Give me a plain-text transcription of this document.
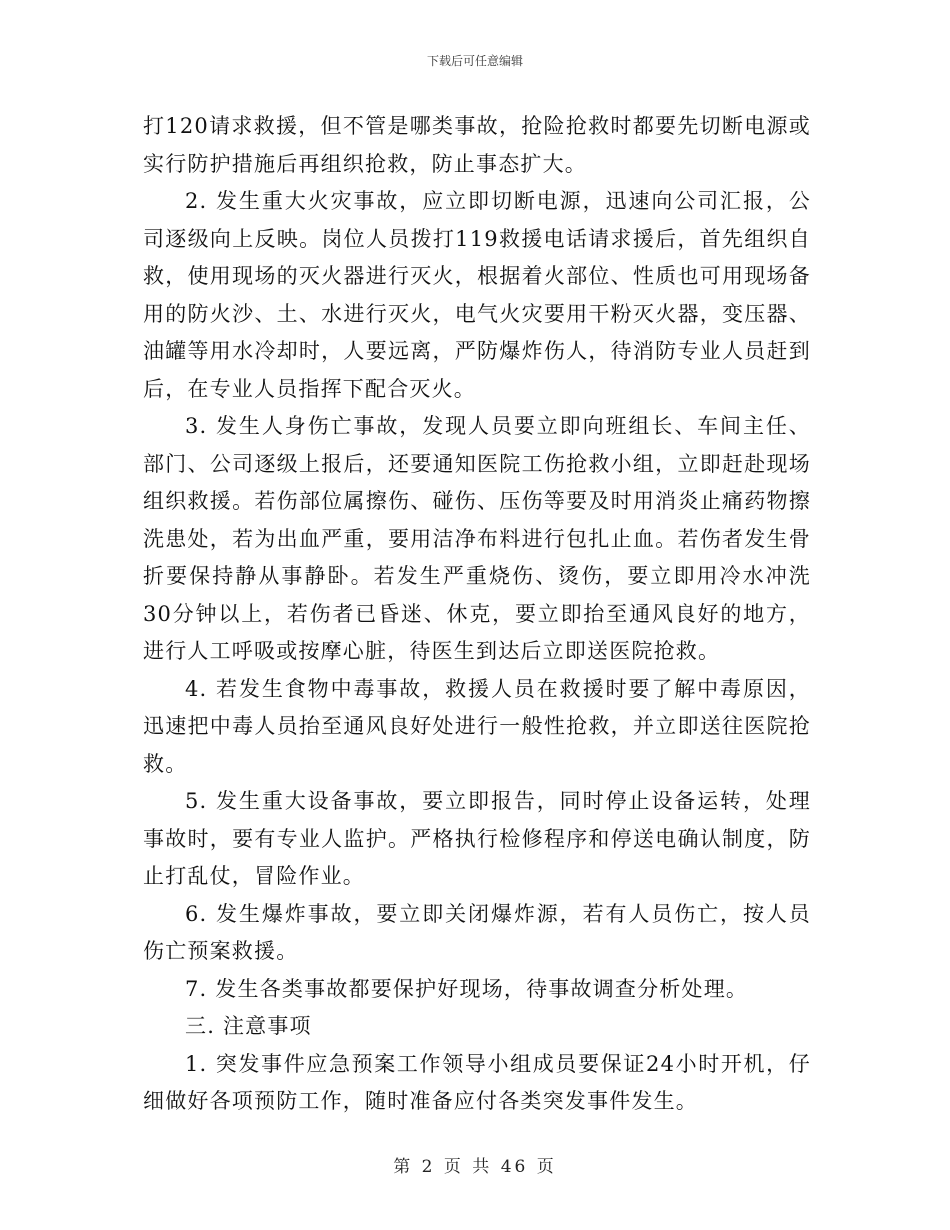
下载后可任意编辑

打120请求救援，但不管是哪类事故，抢险抢救时都要先切断电源或实行防护措施后再组织抢救，防止事态扩大。

2. 发生重大火灾事故，应立即切断电源，迅速向公司汇报，公司逐级向上反映。岗位人员拨打119救援电话请求援后，首先组织自救，使用现场的灭火器进行灭火，根据着火部位、性质也可用现场备用的防火沙、土、水进行灭火，电气火灾要用干粉灭火器，变压器、油罐等用水冷却时，人要远离，严防爆炸伤人，待消防专业人员赶到后，在专业人员指挥下配合灭火。

3. 发生人身伤亡事故，发现人员要立即向班组长、车间主任、部门、公司逐级上报后，还要通知医院工伤抢救小组，立即赶赴现场组织救援。若伤部位属擦伤、碰伤、压伤等要及时用消炎止痛药物擦洗患处，若为出血严重，要用洁净布料进行包扎止血。若伤者发生骨折要保持静从事静卧。若发生严重烧伤、烫伤，要立即用冷水冲洗30分钟以上，若伤者已昏迷、休克，要立即抬至通风良好的地方，进行人工呼吸或按摩心脏，待医生到达后立即送医院抢救。

4. 若发生食物中毒事故，救援人员在救援时要了解中毒原因，迅速把中毒人员抬至通风良好处进行一般性抢救，并立即送往医院抢救。

5. 发生重大设备事故，要立即报告，同时停止设备运转，处理事故时，要有专业人监护。严格执行检修程序和停送电确认制度，防止打乱仗，冒险作业。

6. 发生爆炸事故，要立即关闭爆炸源，若有人员伤亡，按人员伤亡预案救援。

7. 发生各类事故都要保护好现场，待事故调查分析处理。

三. 注意事项

1. 突发事件应急预案工作领导小组成员要保证24小时开机，仔细做好各项预防工作，随时准备应付各类突发事件发生。

第 2 页 共 46 页
